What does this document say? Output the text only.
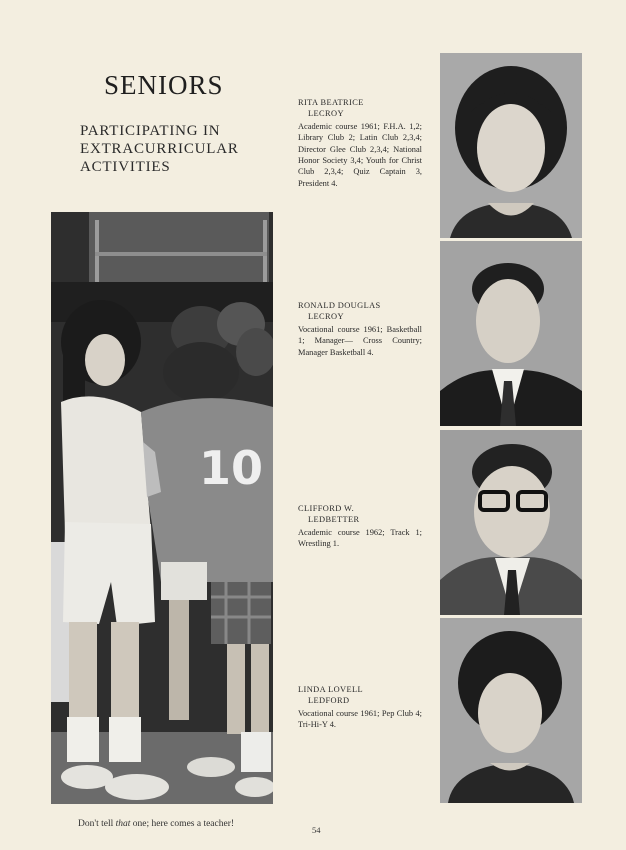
SENIORS
PARTICIPATING IN
EXTRACURRICULAR
ACTIVITIES
10
Don't tell that one; here comes a teacher!
54
RITA BEATRICE
LECROY
Academic course 1961; F.H.A. 1,2; Library Club 2; Latin Club 2,3,4; Director Glee Club 2,3,4; National Honor Society 3,4; Youth for Christ Club 2,3,4; Quiz Captain 3, President 4.
RONALD DOUGLAS
LECROY
Vocational course 1961; Basketball 1; Manager— Cross Country; Manager Basketball 4.
CLIFFORD W.
LEDBETTER
Academic course 1962; Track 1; Wrestling 1.
LINDA LOVELL
LEDFORD
Vocational course 1961; Pep Club 4; Tri-Hi-Y 4.
